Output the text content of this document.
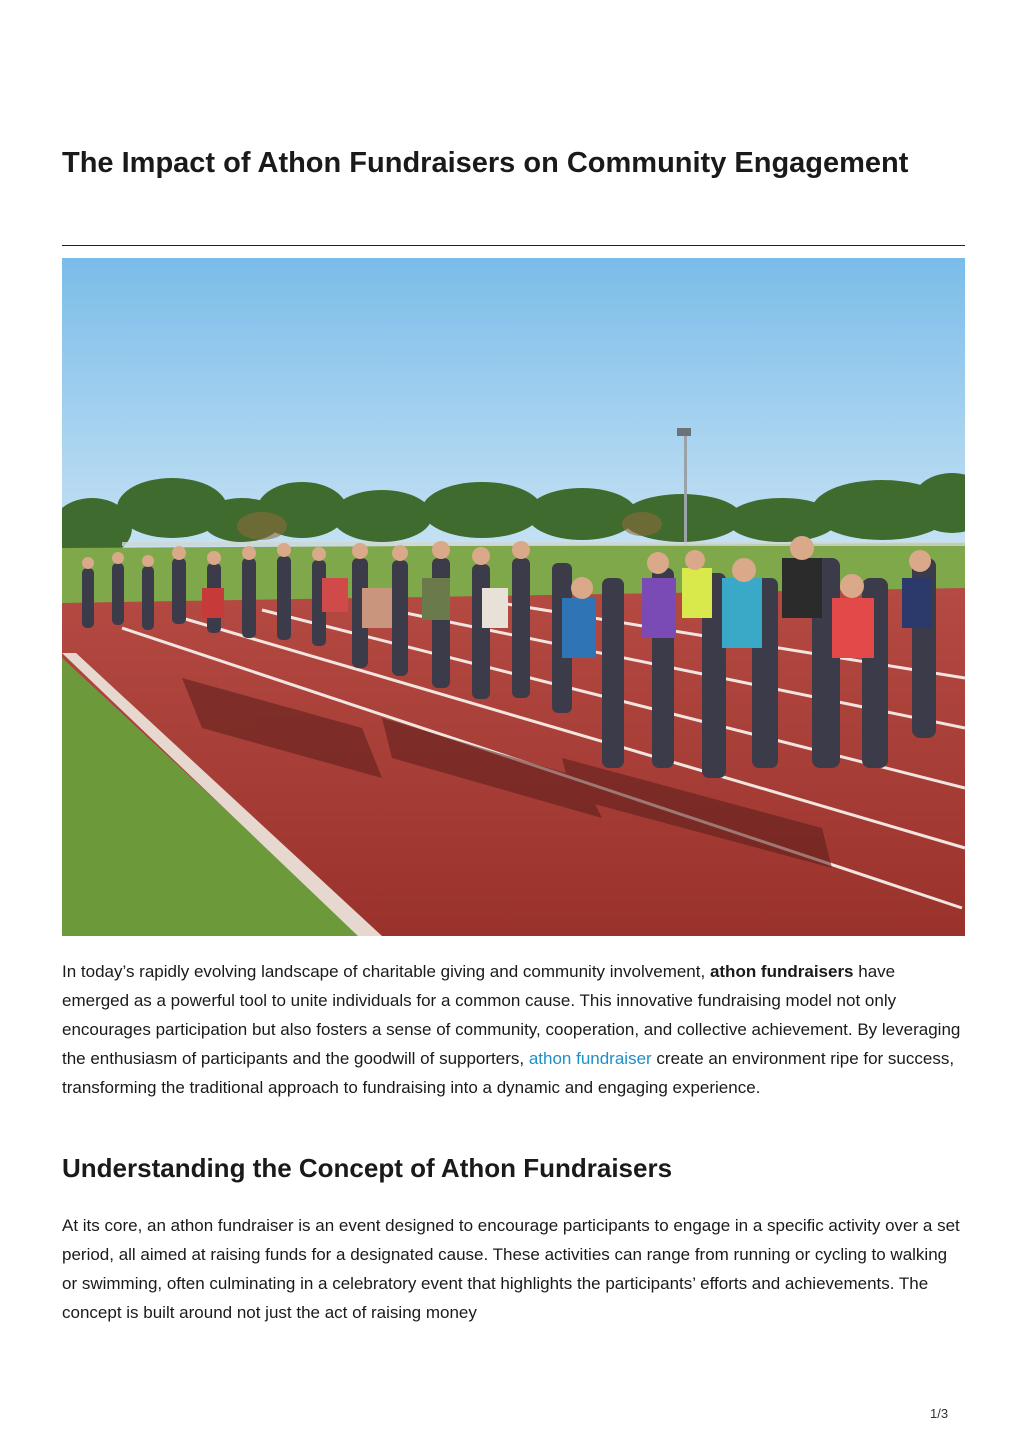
The Impact of Athon Fundraisers on Community Engagement

In today’s rapidly evolving landscape of charitable giving and community involvement, athon fundraisers have emerged as a powerful tool to unite individuals for a common cause. This innovative fundraising model not only encourages participation but also fosters a sense of community, cooperation, and collective achievement. By leveraging the enthusiasm of participants and the goodwill of supporters, athon fundraiser create an environment ripe for success, transforming the traditional approach to fundraising into a dynamic and engaging experience.

Understanding the Concept of Athon Fundraisers

At its core, an athon fundraiser is an event designed to encourage participants to engage in a specific activity over a set period, all aimed at raising funds for a designated cause. These activities can range from running or cycling to walking or swimming, often culminating in a celebratory event that highlights the participants’ efforts and achievements. The concept is built around not just the act of raising money

1/3
